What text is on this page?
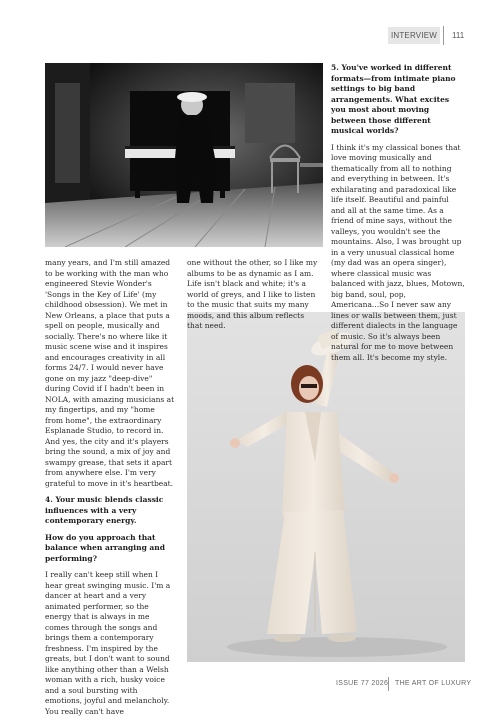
INTERVIEW	111

many years, and I'm still amazed to be working with the man who engineered Stevie Wonder's 'Songs in the Key of Life' (my childhood obsession). We met in New Orleans, a place that puts a spell on people, musically and socially. There's no where like it music scene wise and it inspires and encourages creativity in all forms 24/7. I would never have gone on my jazz "deep-dive" during Covid if I hadn't been in NOLA, with amazing musicians at my fingertips, and my "home from home", the extraordinary Esplanade Studio, to record in. And yes, the city and it's players bring the sound, a mix of joy and swampy grease, that sets it apart from anywhere else. I'm very grateful to move in it's heartbeat.

4. Your music blends classic influences with a very contemporary energy.

How do you approach that balance when arranging and performing?

I really can't keep still when I hear great swinging music. I'm a dancer at heart and a very animated performer, so the energy that is always in me comes through the songs and brings them a contemporary freshness. I'm inspired by the greats, but I don't want to sound like anything other than a Welsh woman with a rich, husky voice and a soul bursting with emotions, joyful and melancholy. You really can't have

one without the other, so I like my albums to be as dynamic as I am. Life isn't black and white; it's a world of greys, and I like to listen to the music that suits my many moods, and this album reflects that need.

5. You've worked in different formats—from intimate piano settings to big band arrangements. What excites you most about moving between those different musical worlds?

I think it's my classical bones that love moving musically and thematically from all to nothing and everything in between. It's exhilarating and paradoxical like life itself. Beautiful and painful and all at the same time. As a friend of mine says, without the valleys, you wouldn't see the mountains. Also, I was brought up in a very unusual classical home (my dad was an opera singer), where classical music was balanced with jazz, blues, Motown, big band, soul, pop, Americana...So I never saw any lines or walls between them, just different dialects in the language of music. So it's always been natural for me to move between them all. It's become my style.

ISSUE 77 2026 THE ART OF LUXURY
